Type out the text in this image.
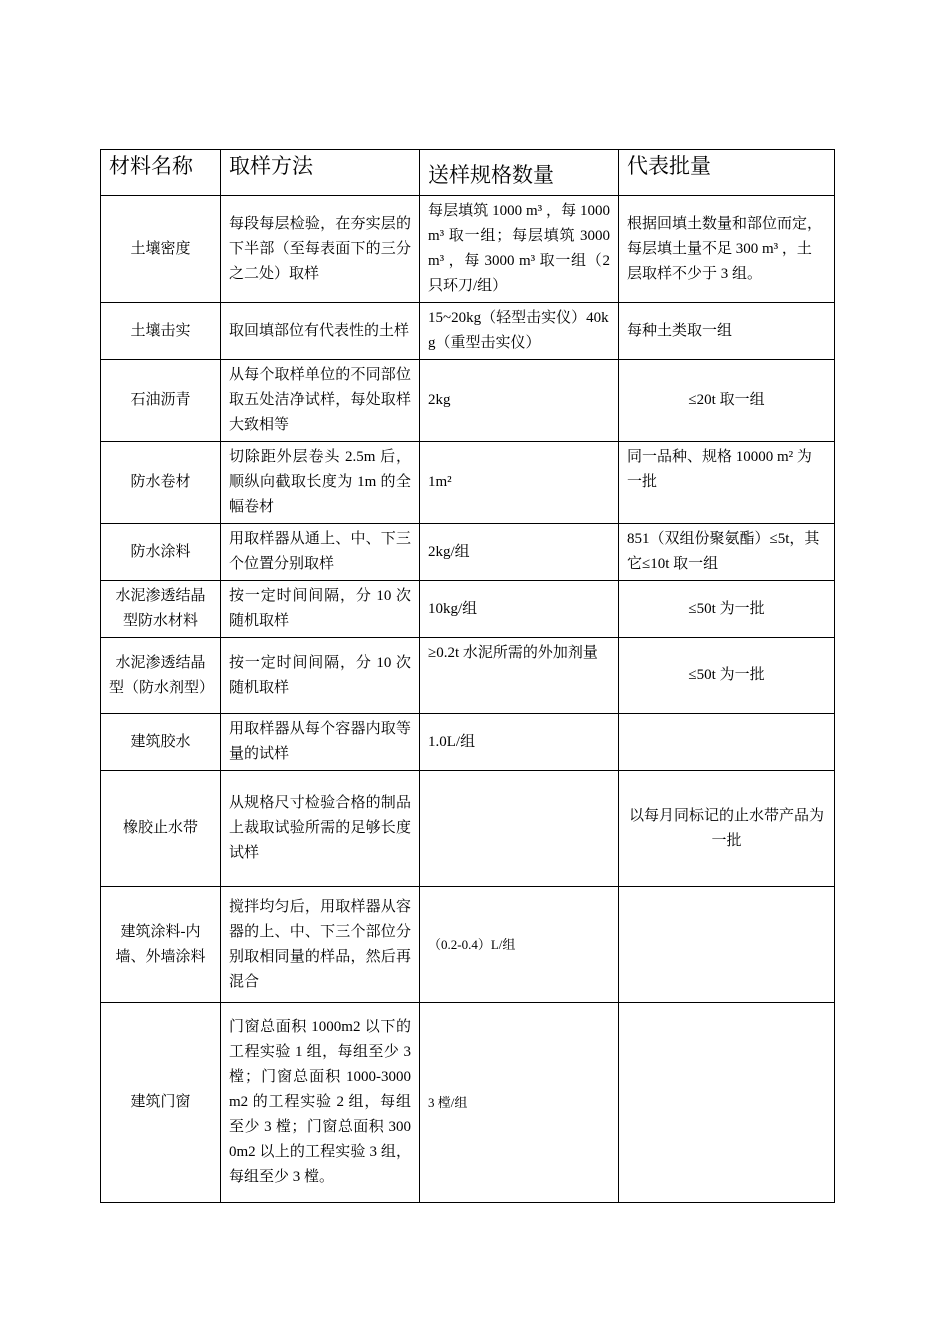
材料名称	取样方法	送样规格数量	代表批量
土壤密度	每段每层检验，在夯实层的下半部（至每表面下的三分之二处）取样	每层填筑 1000 m³ ，每 1000 m³ 取一组；每层填筑 3000 m³ ，每 3000 m³ 取一组（2 只环刀/组）	根据回填土数量和部位而定，每层填土量不足 300 m³ ，土层取样不少于 3 组。
土壤击实	取回填部位有代表性的土样	15~20kg（轻型击实仪）40kg（重型击实仪）	每种土类取一组
石油沥青	从每个取样单位的不同部位取五处洁净试样，每处取样大致相等	2kg	≤20t 取一组
防水卷材	切除距外层卷头 2.5m 后，顺纵向截取长度为 1m 的全幅卷材	1m²	同一品种、规格 10000 m² 为一批
防水涂料	用取样器从通上、中、下三个位置分别取样	2kg/组	851（双组份聚氨酯）≤5t，其它≤10t 取一组
水泥渗透结晶型防水材料	按一定时间间隔，分 10 次随机取样	10kg/组	≤50t 为一批
水泥渗透结晶型（防水剂型）	按一定时间间隔，分 10 次随机取样	≥0.2t 水泥所需的外加剂量	≤50t 为一批
建筑胶水	用取样器从每个容器内取等量的试样	1.0L/组	
橡胶止水带	从规格尺寸检验合格的制品上裁取试验所需的足够长度试样		以每月同标记的止水带产品为一批
建筑涂料-内墙、外墙涂料	搅拌均匀后，用取样器从容器的上、中、下三个部位分别取相同量的样品，然后再混合	（0.2-0.4）L/组	
建筑门窗	门窗总面积 1000m2 以下的工程实验 1 组，每组至少 3 樘；门窗总面积 1000-3000m2 的工程实验 2 组，每组至少 3 樘；门窗总面积 3000m2 以上的工程实验 3 组，每组至少 3 樘。	3 樘/组	
